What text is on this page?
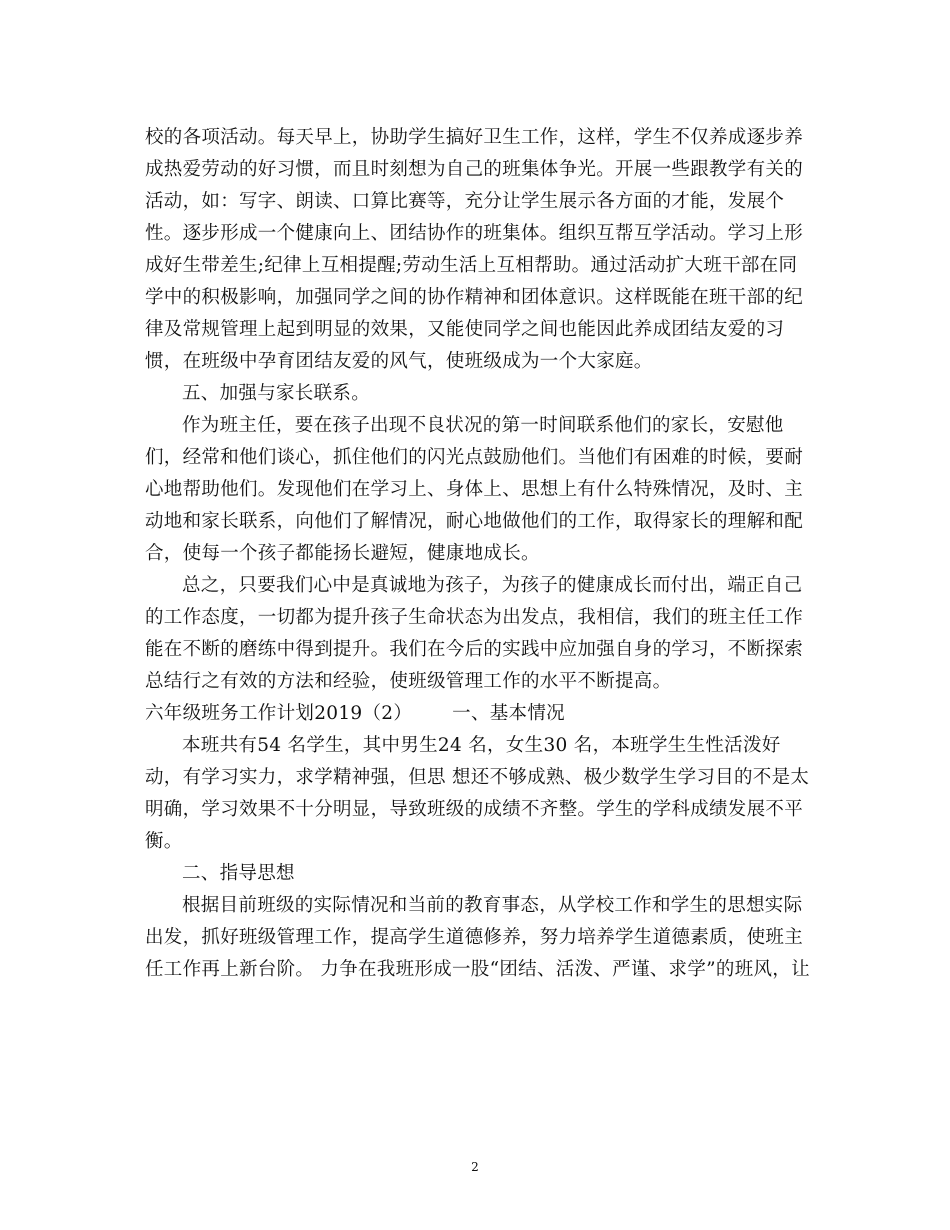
校的各项活动。每天早上，协助学生搞好卫生工作，这样，学生不仅养成逐步养
成热爱劳动的好习惯，而且时刻想为自己的班集体争光。开展一些跟教学有关的
活动，如：写字、朗读、口算比赛等，充分让学生展示各方面的才能，发展个
性。逐步形成一个健康向上、团结协作的班集体。组织互帮互学活动。学习上形
成好生带差生;纪律上互相提醒;劳动生活上互相帮助。通过活动扩大班干部在同
学中的积极影响，加强同学之间的协作精神和团体意识。这样既能在班干部的纪
律及常规管理上起到明显的效果，又能使同学之间也能因此养成团结友爱的习
惯，在班级中孕育团结友爱的风气，使班级成为一个大家庭。
五、加强与家长联系。
作为班主任，要在孩子出现不良状况的第一时间联系他们的家长，安慰他
们，经常和他们谈心，抓住他们的闪光点鼓励他们。当他们有困难的时候，要耐
心地帮助他们。发现他们在学习上、身体上、思想上有什么特殊情况，及时、主
动地和家长联系，向他们了解情况，耐心地做他们的工作，取得家长的理解和配
合，使每一个孩子都能扬长避短，健康地成长。
总之，只要我们心中是真诚地为孩子，为孩子的健康成长而付出，端正自己
的工作态度，一切都为提升孩子生命状态为出发点，我相信，我们的班主任工作
能在不断的磨练中得到提升。我们在今后的实践中应加强自身的学习，不断探索
总结行之有效的方法和经验，使班级管理工作的水平不断提高。
六年级班务工作计划2019（2） 一、基本情况
本班共有54 名学生，其中男生24 名，女生30 名，本班学生生性活泼好
动，有学习实力，求学精神强，但思 想还不够成熟、极少数学生学习目的不是太
明确，学习效果不十分明显，导致班级的成绩不齐整。学生的学科成绩发展不平
衡。
二、指导思想
根据目前班级的实际情况和当前的教育事态，从学校工作和学生的思想实际
出发，抓好班级管理工作，提高学生道德修养，努力培养学生道德素质，使班主
任工作再上新台阶。 力争在我班形成一股“团结、活泼、严谨、求学”的班风，让
2
